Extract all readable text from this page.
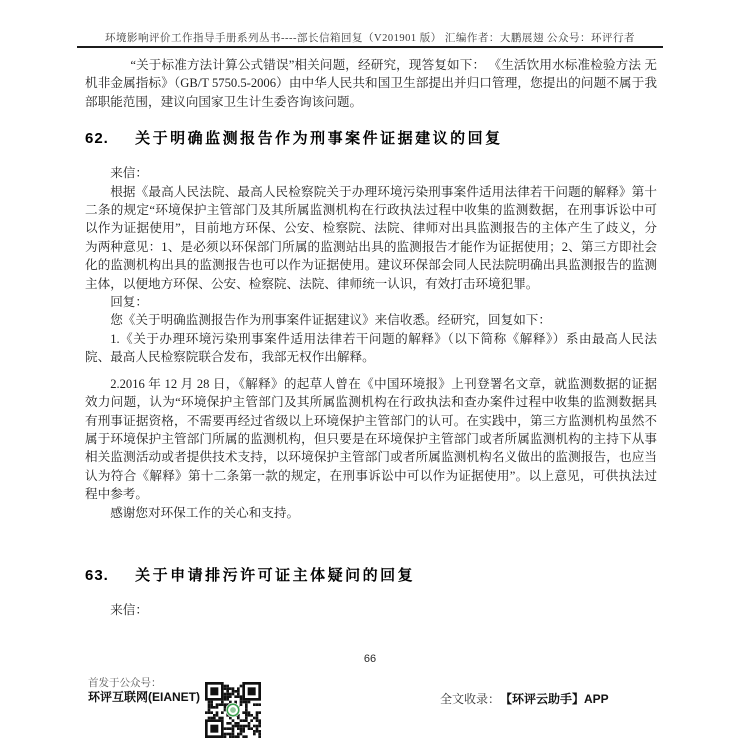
环境影响评价工作指导手册系列丛书----部长信箱回复（V201901 版） 汇编作者：大鹏展翅 公众号：环评行者

“关于标准方法计算公式错误”相关问题，经研究，现答复如下： 《生活饮用水标准检验方法 无机非金属指标》（GB/T 5750.5-2006）由中华人民共和国卫生部提出并归口管理，您提出的问题不属于我部职能范围，建议向国家卫生计生委咨询该问题。

62. 关于明确监测报告作为刑事案件证据建议的回复

来信：

根据《最高人民法院、最高人民检察院关于办理环境污染刑事案件适用法律若干问题的解释》第十二条的规定“环境保护主管部门及其所属监测机构在行政执法过程中收集的监测数据，在刑事诉讼中可以作为证据使用”，目前地方环保、公安、检察院、法院、律师对出具监测报告的主体产生了歧义，分为两种意见：1、是必须以环保部门所属的监测站出具的监测报告才能作为证据使用；2、第三方即社会化的监测机构出具的监测报告也可以作为证据使用。建议环保部会同人民法院明确出具监测报告的监测主体，以便地方环保、公安、检察院、法院、律师统一认识，有效打击环境犯罪。

回复：

您《关于明确监测报告作为刑事案件证据建议》来信收悉。经研究，回复如下：

1.《关于办理环境污染刑事案件适用法律若干问题的解释》（以下简称《解释》）系由最高人民法院、最高人民检察院联合发布，我部无权作出解释。

2.2016 年 12 月 28 日，《解释》的起草人曾在《中国环境报》上刊登署名文章，就监测数据的证据效力问题，认为“环境保护主管部门及其所属监测机构在行政执法和查办案件过程中收集的监测数据具有刑事证据资格，不需要再经过省级以上环境保护主管部门的认可。在实践中，第三方监测机构虽然不属于环境保护主管部门所属的监测机构，但只要是在环境保护主管部门或者所属监测机构的主持下从事相关监测活动或者提供技术支持，以环境保护主管部门或者所属监测机构名义做出的监测报告，也应当认为符合《解释》第十二条第一款的规定，在刑事诉讼中可以作为证据使用”。以上意见，可供执法过程中参考。

感谢您对环保工作的关心和支持。

63. 关于申请排污许可证主体疑问的回复

来信：

66
首发于公众号：
环评互联网(EIANET)	全文收录： 【环评云助手】APP
